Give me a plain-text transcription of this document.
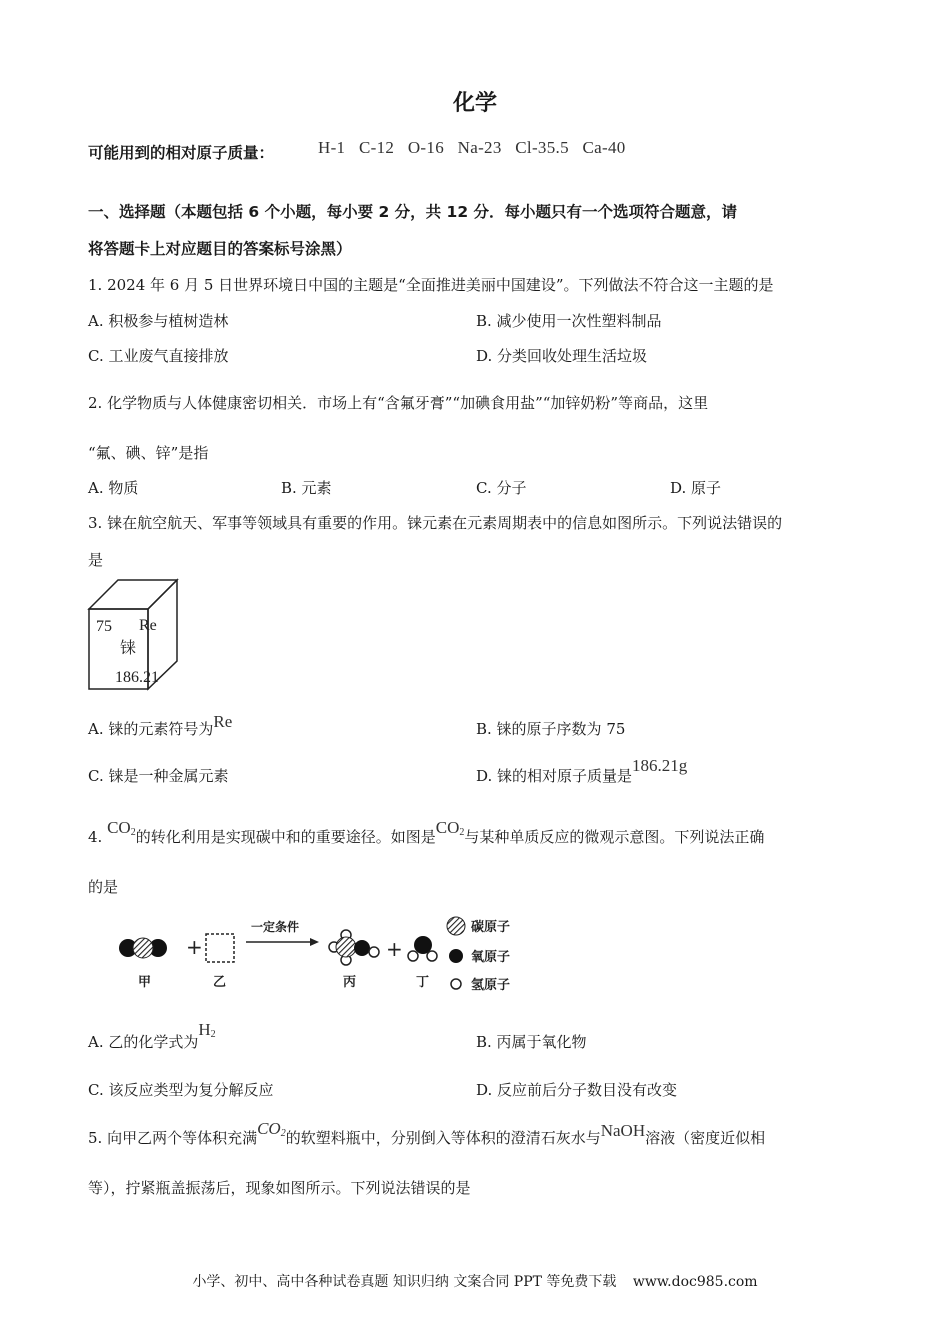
化学
可能用到的相对原子质量：	H-1 C-12 O-16 Na-23 Cl-35.5 Ca-40
一、选择题（本题包括 6 个小题，每小要 2 分，共 12 分．每小题只有一个选项符合题意，请
将答题卡上对应题目的答案标号涂黑）
1. 2024 年 6 月 5 日世界环境日中国的主题是“全面推进美丽中国建设”。下列做法不符合这一主题的是
A. 积极参与植树造林	B. 减少使用一次性塑料制品
C. 工业废气直接排放	D. 分类回收处理生活垃圾
2. 化学物质与人体健康密切相关．市场上有“含氟牙膏”“加碘食用盐”“加锌奶粉”等商品，这里
“氟、碘、锌”是指
A. 物质	B. 元素	C. 分子	D. 原子
3. 铼在航空航天、军事等领域具有重要的作用。铼元素在元素周期表中的信息如图所示。下列说法错误的
是
75 Re
铼
186.21
A. 铼的元素符号为Re	B. 铼的原子序数为 75
C. 铼是一种金属元素	D. 铼的相对原子质量是186.21g
4. $CO_2$的转化利用是实现碳中和的重要途径。如图是$CO_2$与某种单质反应的微观示意图。下列说法正确
的是
+
一定条件
+
甲	乙	丙	丁
碳原子
氧原子
氢原子
A. 乙的化学式为$H_2$	B. 丙属于氧化物
C. 该反应类型为复分解反应	D. 反应前后分子数目没有改变
5. 向甲乙两个等体积充满$CO_2$的软塑料瓶中，分别倒入等体积的澄清石灰水与NaOH溶液（密度近似相
等），拧紧瓶盖振荡后，现象如图所示。下列说法错误的是
小学、初中、高中各种试卷真题 知识归纳 文案合同 PPT 等免费下载 www.doc985.com
